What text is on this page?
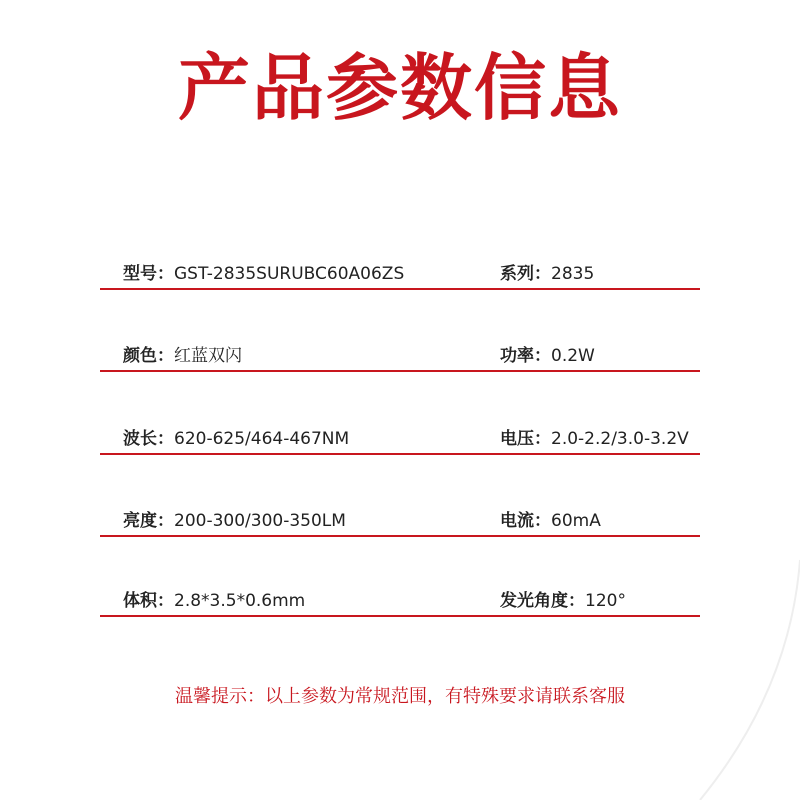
产品参数信息
型号：GST-2835SURUBC60A06ZS	系列：2835
颜色：红蓝双闪	功率：0.2W
波长：620-625/464-467NM	电压：2.0-2.2/3.0-3.2V
亮度：200-300/300-350LM	电流：60mA
体积：2.8*3.5*0.6mm	发光角度：120°
温馨提示：以上参数为常规范围，有特殊要求请联系客服
